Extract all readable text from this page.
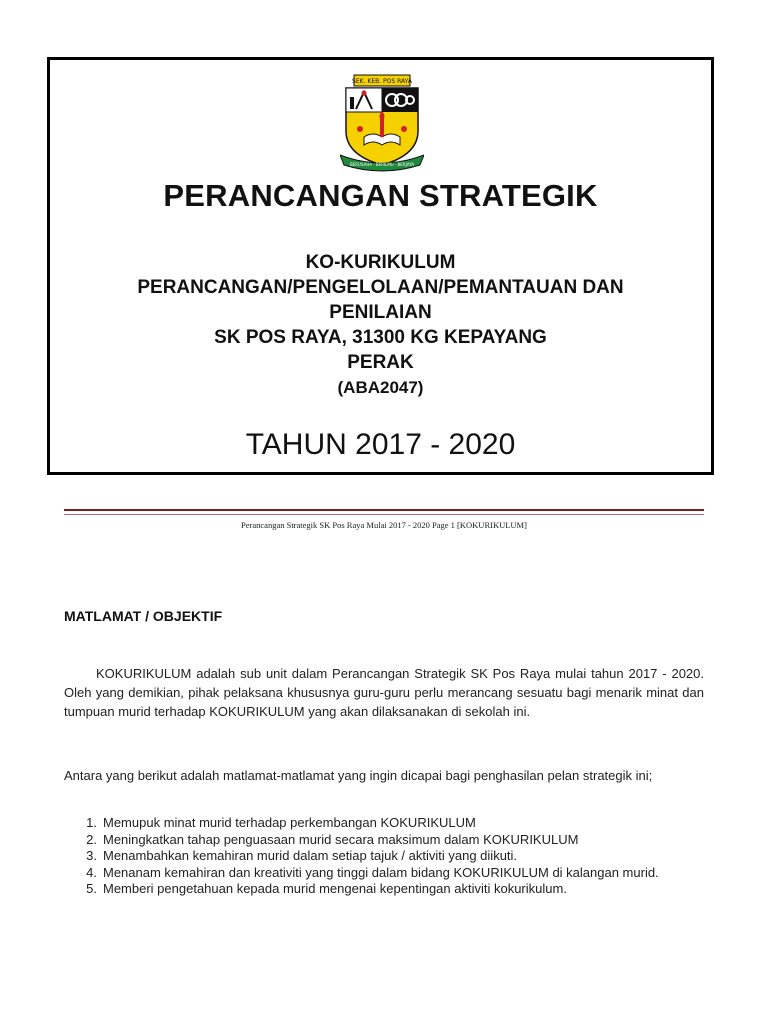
SEK. KEB. POS RAYA
BERUSAHA · BERILMU · BERJAYA
PERANCANGAN STRATEGIK
KO-KURIKULUM
PERANCANGAN/PENGELOLAAN/PEMANTAUAN DAN
PENILAIAN
SK POS RAYA, 31300 KG KEPAYANG
PERAK
(ABA2047)
TAHUN 2017 - 2020
Perancangan Strategik SK Pos Raya Mulai 2017 - 2020 Page 1 [KOKURIKULUM]
MATLAMAT / OBJEKTIF
KOKURIKULUM adalah sub unit dalam Perancangan Strategik SK Pos Raya mulai tahun 2017 - 2020. Oleh yang demikian, pihak pelaksana khususnya guru-guru perlu merancang sesuatu bagi menarik minat dan tumpuan murid terhadap KOKURIKULUM yang akan dilaksanakan di sekolah ini.
Antara yang berikut adalah matlamat-matlamat yang ingin dicapai bagi penghasilan pelan strategik ini;
1. Memupuk minat murid terhadap perkembangan KOKURIKULUM
2. Meningkatkan tahap penguasaan murid secara maksimum dalam KOKURIKULUM
3. Menambahkan kemahiran murid dalam setiap tajuk / aktiviti yang diikuti.
4. Menanam kemahiran dan kreativiti yang tinggi dalam bidang KOKURIKULUM di kalangan murid.
5. Memberi pengetahuan kepada murid mengenai kepentingan aktiviti kokurikulum.
